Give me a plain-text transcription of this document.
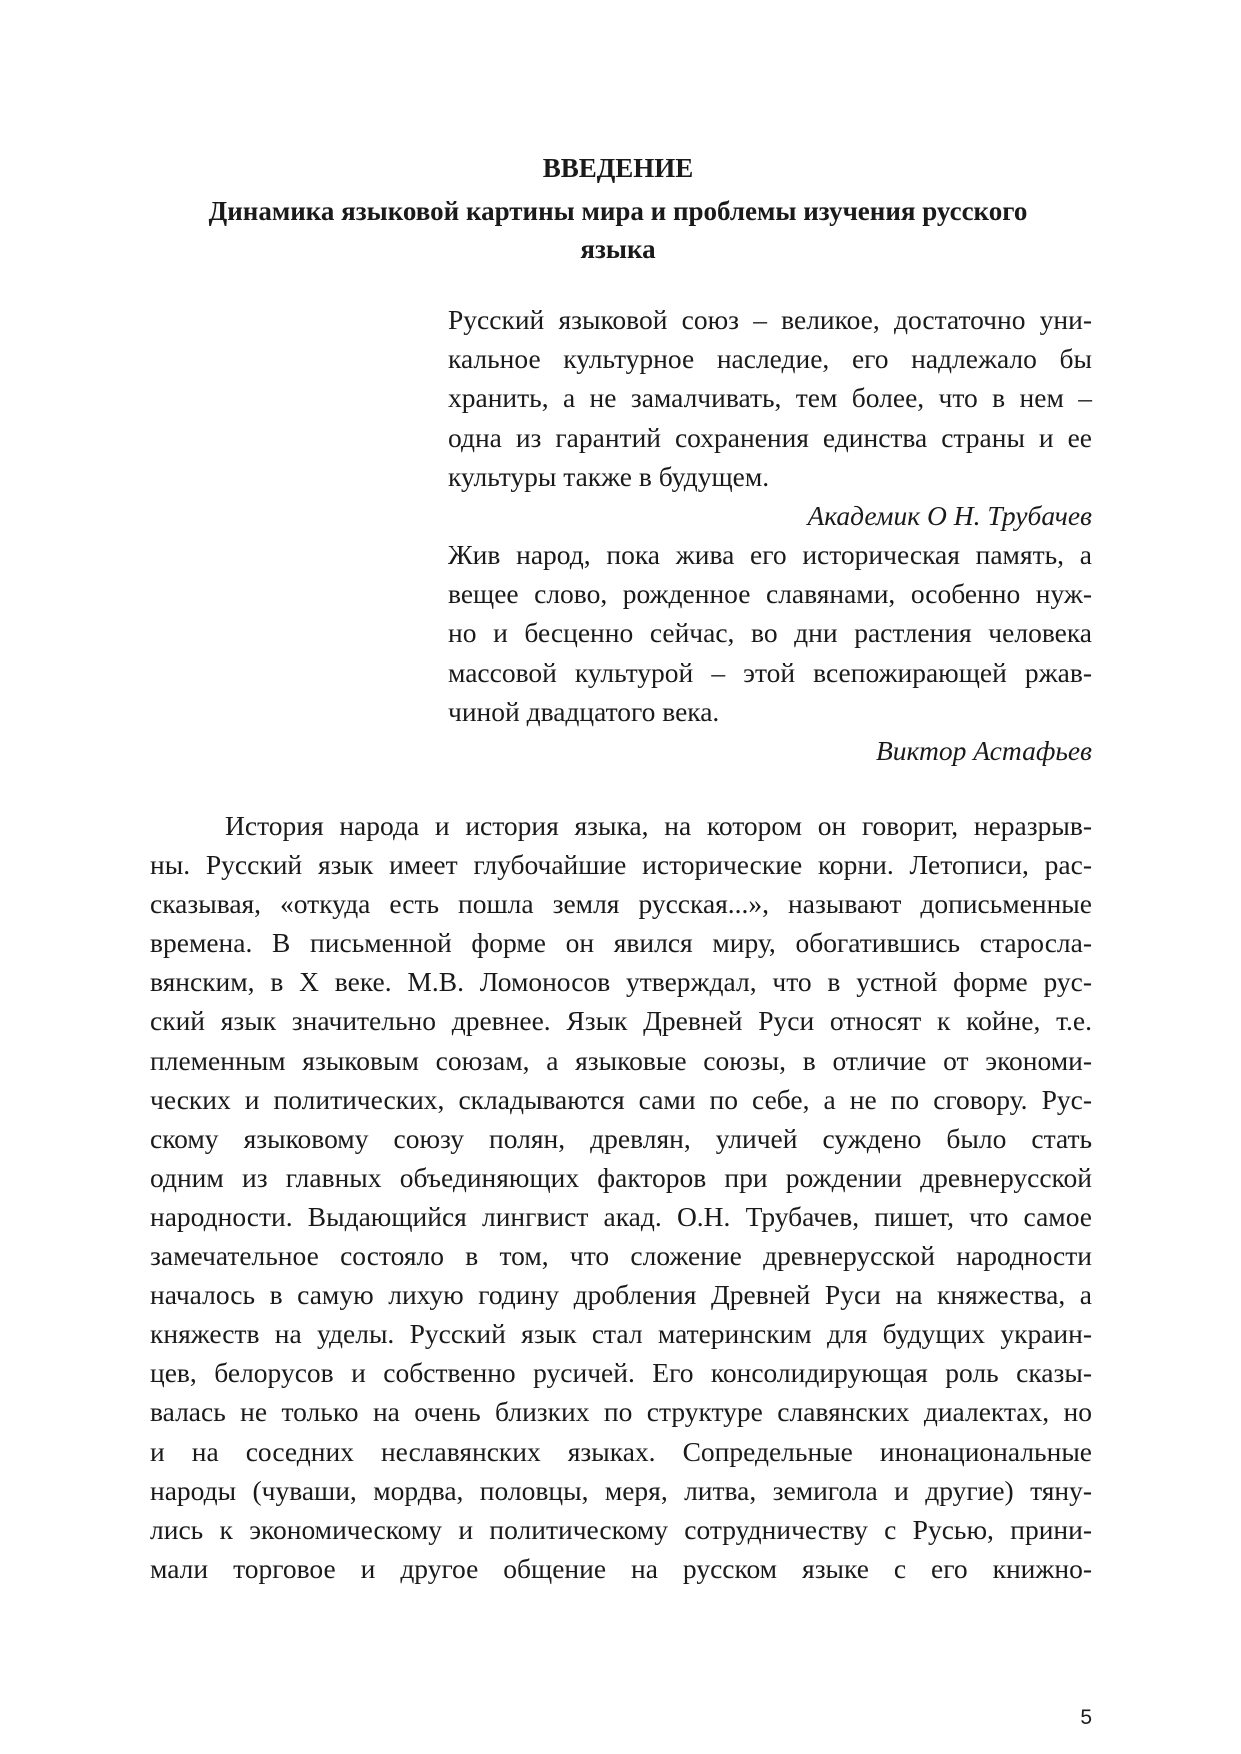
ВВЕДЕНИЕ
Динамика языковой картины мира и проблемы изучения русского
языка
Русский языковой союз – великое, достаточно уни-
кальное культурное наследие, его надлежало бы
хранить, а не замалчивать, тем более, что в нем –
одна из гарантий сохранения единства страны и ее
культуры также в будущем.
Академик О Н. Трубачев
Жив народ, пока жива его историческая память, а
вещее слово, рожденное славянами, особенно нуж-
но и бесценно сейчас, во дни растления человека
массовой культурой – этой всепожирающей ржав-
чиной двадцатого века.
Виктор Астафьев
История народа и история языка, на котором он говорит, неразрыв-
ны. Русский язык имеет глубочайшие исторические корни. Летописи, рас-
сказывая, «откуда есть пошла земля русская...», называют дописьменные
времена. В письменной форме он явился миру, обогатившись старосла-
вянским, в X веке. М.В. Ломоносов утверждал, что в устной форме рус-
ский язык значительно древнее. Язык Древней Руси относят к койне, т.е.
племенным языковым союзам, а языковые союзы, в отличие от экономи-
ческих и политических, складываются сами по себе, а не по сговору. Рус-
скому языковому союзу полян, древлян, уличей суждено было стать
одним из главных объединяющих факторов при рождении древнерусской
народности. Выдающийся лингвист акад. О.Н. Трубачев, пишет, что самое
замечательное состояло в том, что сложение древнерусской народности
началось в самую лихую годину дробления Древней Руси на княжества, а
княжеств на уделы. Русский язык стал материнским для будущих украин-
цев, белорусов и собственно русичей. Его консолидирующая роль сказы-
валась не только на очень близких по структуре славянских диалектах, но
и на соседних неславянских языках. Сопредельные инонациональные
народы (чуваши, мордва, половцы, меря, литва, земигола и другие) тяну-
лись к экономическому и политическому сотрудничеству с Русью, прини-
мали торговое и другое общение на русском языке с его книжно-
5
